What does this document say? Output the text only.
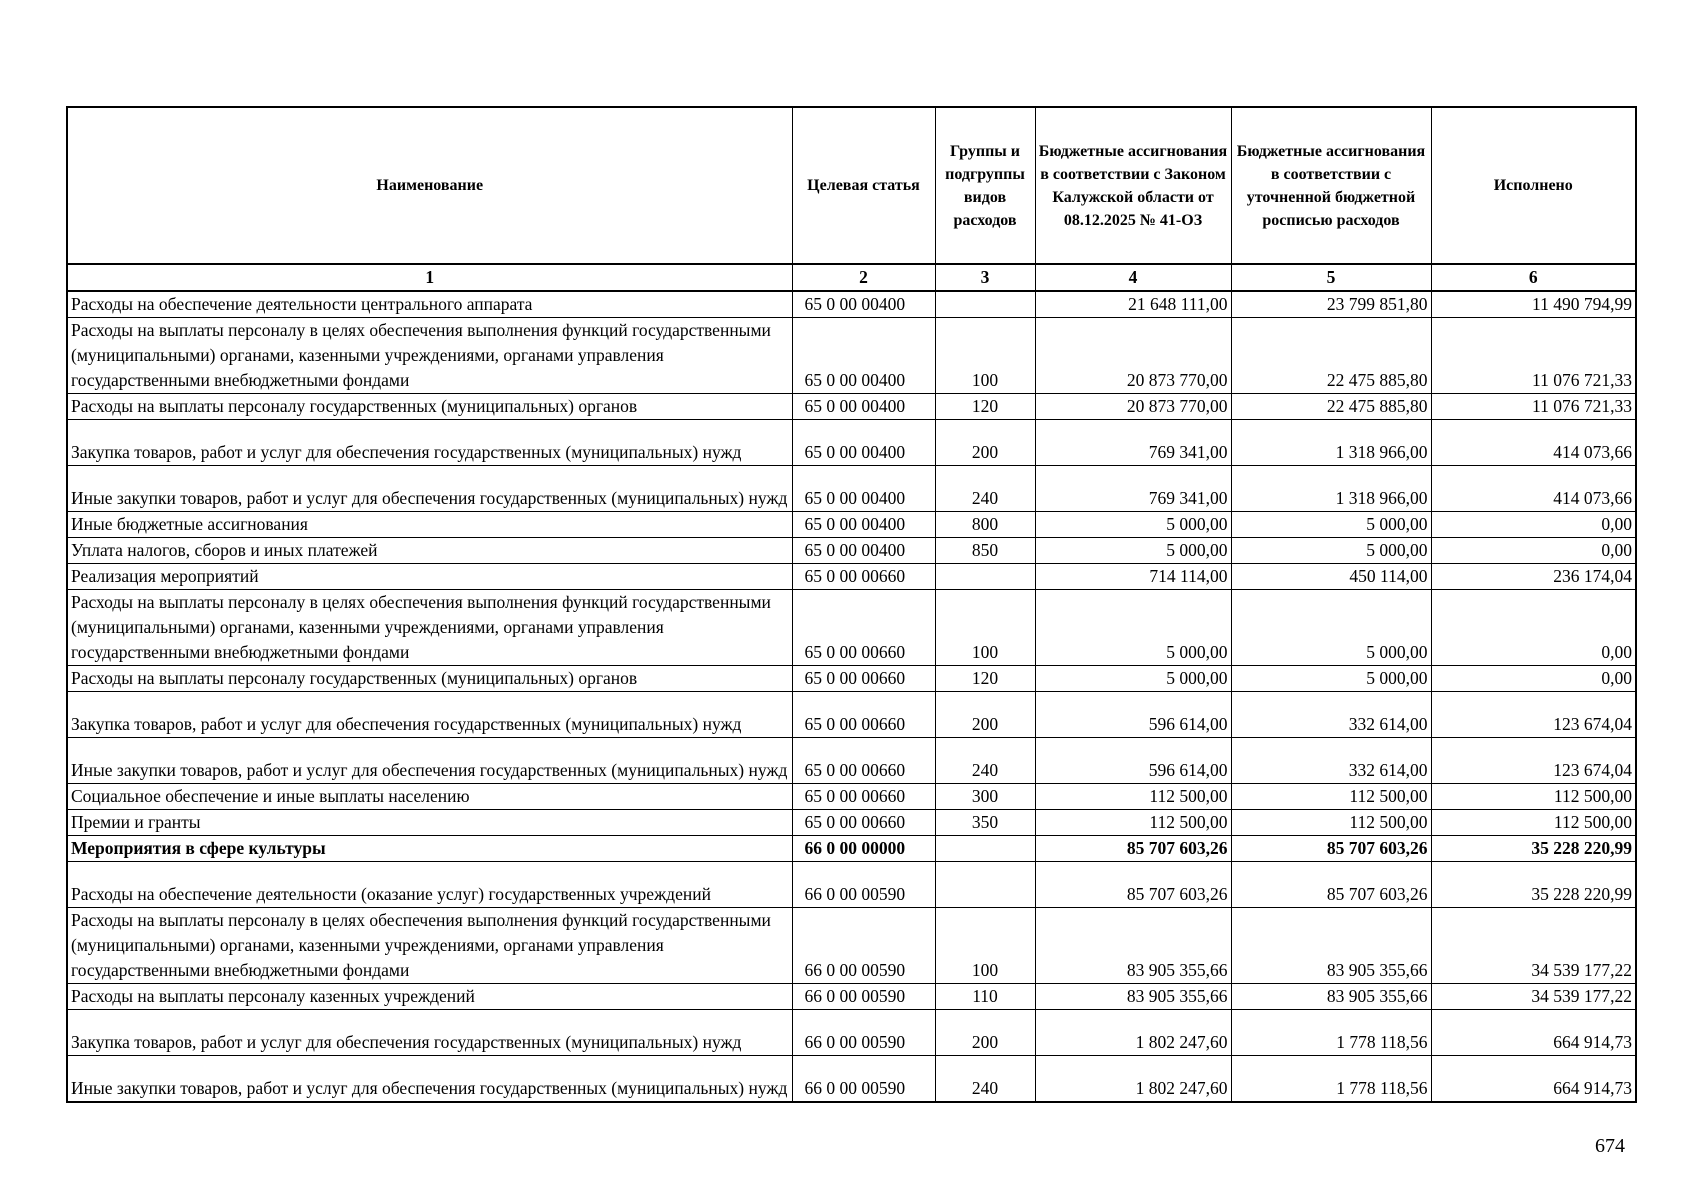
Наименование	Целевая статья	Группы и подгруппы видов расходов	Бюджетные ассигнования в соответствии с Законом Калужской области от 08.12.2025 № 41-ОЗ	Бюджетные ассигнования в соответствии с уточненной бюджетной росписью расходов	Исполнено
1	2	3	4	5	6
Расходы на обеспечение деятельности центрального аппарата	65 0 00 00400		21 648 111,00	23 799 851,80	11 490 794,99
Расходы на выплаты персоналу в целях обеспечения выполнения функций государственными (муниципальными) органами, казенными учреждениями, органами управления государственными внебюджетными фондами	65 0 00 00400	100	20 873 770,00	22 475 885,80	11 076 721,33
Расходы на выплаты персоналу государственных (муниципальных) органов	65 0 00 00400	120	20 873 770,00	22 475 885,80	11 076 721,33
Закупка товаров, работ и услуг для обеспечения государственных (муниципальных) нужд	65 0 00 00400	200	769 341,00	1 318 966,00	414 073,66
Иные закупки товаров, работ и услуг для обеспечения государственных (муниципальных) нужд	65 0 00 00400	240	769 341,00	1 318 966,00	414 073,66
Иные бюджетные ассигнования	65 0 00 00400	800	5 000,00	5 000,00	0,00
Уплата налогов, сборов и иных платежей	65 0 00 00400	850	5 000,00	5 000,00	0,00
Реализация мероприятий	65 0 00 00660		714 114,00	450 114,00	236 174,04
Расходы на выплаты персоналу в целях обеспечения выполнения функций государственными (муниципальными) органами, казенными учреждениями, органами управления государственными внебюджетными фондами	65 0 00 00660	100	5 000,00	5 000,00	0,00
Расходы на выплаты персоналу государственных (муниципальных) органов	65 0 00 00660	120	5 000,00	5 000,00	0,00
Закупка товаров, работ и услуг для обеспечения государственных (муниципальных) нужд	65 0 00 00660	200	596 614,00	332 614,00	123 674,04
Иные закупки товаров, работ и услуг для обеспечения государственных (муниципальных) нужд	65 0 00 00660	240	596 614,00	332 614,00	123 674,04
Социальное обеспечение и иные выплаты населению	65 0 00 00660	300	112 500,00	112 500,00	112 500,00
Премии и гранты	65 0 00 00660	350	112 500,00	112 500,00	112 500,00
Мероприятия в сфере культуры	66 0 00 00000		85 707 603,26	85 707 603,26	35 228 220,99
Расходы на обеспечение деятельности (оказание услуг) государственных учреждений	66 0 00 00590		85 707 603,26	85 707 603,26	35 228 220,99
Расходы на выплаты персоналу в целях обеспечения выполнения функций государственными (муниципальными) органами, казенными учреждениями, органами управления государственными внебюджетными фондами	66 0 00 00590	100	83 905 355,66	83 905 355,66	34 539 177,22
Расходы на выплаты персоналу казенных учреждений	66 0 00 00590	110	83 905 355,66	83 905 355,66	34 539 177,22
Закупка товаров, работ и услуг для обеспечения государственных (муниципальных) нужд	66 0 00 00590	200	1 802 247,60	1 778 118,56	664 914,73
Иные закупки товаров, работ и услуг для обеспечения государственных (муниципальных) нужд	66 0 00 00590	240	1 802 247,60	1 778 118,56	664 914,73
674
